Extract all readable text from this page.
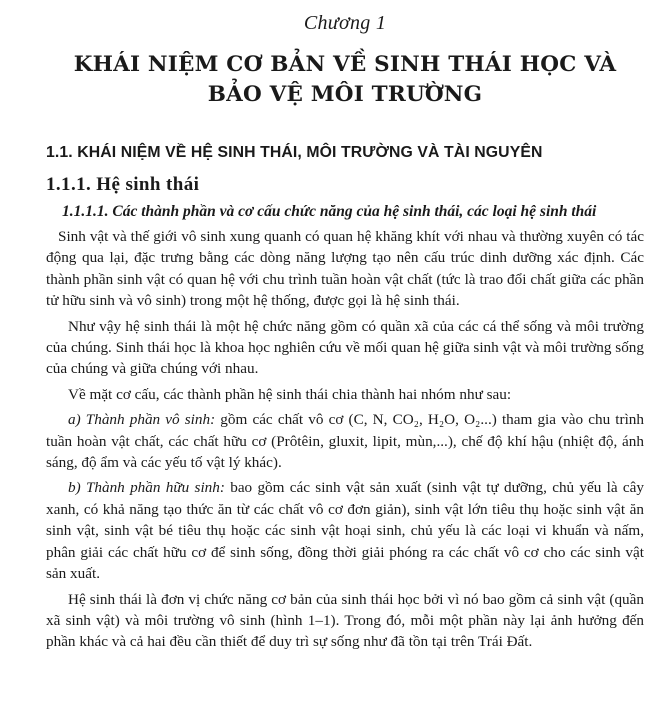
Chương 1
KHÁI NIỆM CƠ BẢN VỀ SINH THÁI HỌC VÀ
BẢO VỆ MÔI TRƯỜNG
1.1. KHÁI NIỆM VỀ HỆ SINH THÁI, MÔI TRƯỜNG VÀ TÀI NGUYÊN
1.1.1. Hệ sinh thái
1.1.1.1. Các thành phần và cơ cấu chức năng của hệ sinh thái, các loại hệ sinh thái

Sinh vật và thế giới vô sinh xung quanh có quan hệ khăng khít với nhau và thường xuyên có tác động qua lại, đặc trưng bằng các dòng năng lượng tạo nên cấu trúc dinh dưỡng xác định. Các thành phần sinh vật có quan hệ với chu trình tuần hoàn vật chất (tức là trao đổi chất giữa các phần tử hữu sinh và vô sinh) trong một hệ thống, được gọi là hệ sinh thái.

Như vậy hệ sinh thái là một hệ chức năng gồm có quần xã của các cá thể sống và môi trường của chúng. Sinh thái học là khoa học nghiên cứu về mối quan hệ giữa sinh vật và môi trường sống của chúng và giữa chúng với nhau.

Về mặt cơ cấu, các thành phần hệ sinh thái chia thành hai nhóm như sau:

a) Thành phần vô sinh: gồm các chất vô cơ (C, N, CO₂, H₂O, O₂...) tham gia vào chu trình tuần hoàn vật chất, các chất hữu cơ (Prôtêin, gluxit, lipit, mùn,...), chế độ khí hậu (nhiệt độ, ánh sáng, độ ẩm và các yếu tố vật lý khác).

b) Thành phần hữu sinh: bao gồm các sinh vật sản xuất (sinh vật tự dưỡng, chủ yếu là cây xanh, có khả năng tạo thức ăn từ các chất vô cơ đơn giản), sinh vật lớn tiêu thụ hoặc sinh vật ăn sinh vật, sinh vật bé tiêu thụ hoặc các sinh vật hoại sinh, chủ yếu là các loại vi khuẩn và nấm, phân giải các chất hữu cơ để sinh sống, đồng thời giải phóng ra các chất vô cơ cho các sinh vật sản xuất.

Hệ sinh thái là đơn vị chức năng cơ bản của sinh thái học bởi vì nó bao gồm cả sinh vật (quần xã sinh vật) và môi trường vô sinh (hình 1–1). Trong đó, mỗi một phần này lại ảnh hưởng đến phần khác và cả hai đều cần thiết để duy trì sự sống như đã tồn tại trên Trái Đất.
